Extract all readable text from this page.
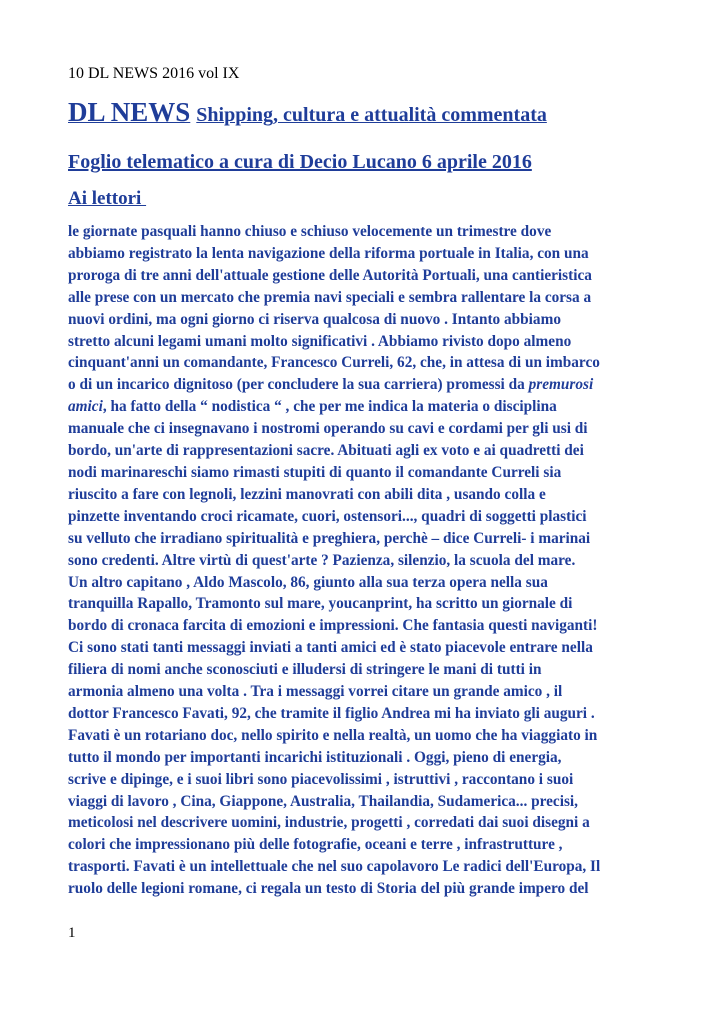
10 DL NEWS 2016 vol IX
DL NEWS Shipping, cultura e attualità commentata
Foglio telematico a cura di Decio Lucano 6 aprile 2016
Ai lettori
le giornate pasquali hanno chiuso e schiuso velocemente un trimestre dove
abbiamo registrato la lenta navigazione della riforma portuale in Italia, con una
proroga di tre anni dell'attuale gestione delle Autorità Portuali, una cantieristica
alle prese con un mercato che premia navi speciali e sembra rallentare la corsa a
nuovi ordini, ma ogni giorno ci riserva qualcosa di nuovo . Intanto abbiamo
stretto alcuni legami umani molto significativi . Abbiamo rivisto dopo almeno
cinquant'anni un comandante, Francesco Curreli, 62, che, in attesa di un imbarco
o di un incarico dignitoso (per concludere la sua carriera) promessi da premurosi
amici, ha fatto della “ nodistica “ , che per me indica la materia o disciplina
manuale che ci insegnavano i nostromi operando su cavi e cordami per gli usi di
bordo, un'arte di rappresentazioni sacre. Abituati agli ex voto e ai quadretti dei
nodi marinareschi siamo rimasti stupiti di quanto il comandante Curreli sia
riuscito a fare con legnoli, lezzini manovrati con abili dita , usando colla e
pinzette inventando croci ricamate, cuori, ostensori..., quadri di soggetti plastici
su velluto che irradiano spiritualità e preghiera, perchè – dice Curreli- i marinai
sono credenti. Altre virtù di quest'arte ? Pazienza, silenzio, la scuola del mare.
Un altro capitano , Aldo Mascolo, 86, giunto alla sua terza opera nella sua
tranquilla Rapallo, Tramonto sul mare, youcanprint, ha scritto un giornale di
bordo di cronaca farcita di emozioni e impressioni. Che fantasia questi naviganti!
Ci sono stati tanti messaggi inviati a tanti amici ed è stato piacevole entrare nella
filiera di nomi anche sconosciuti e illudersi di stringere le mani di tutti in
armonia almeno una volta . Tra i messaggi vorrei citare un grande amico , il
dottor Francesco Favati, 92, che tramite il figlio Andrea mi ha inviato gli auguri .
Favati è un rotariano doc, nello spirito e nella realtà, un uomo che ha viaggiato in
tutto il mondo per importanti incarichi istituzionali . Oggi, pieno di energia,
scrive e dipinge, e i suoi libri sono piacevolissimi , istruttivi , raccontano i suoi
viaggi di lavoro , Cina, Giappone, Australia, Thailandia, Sudamerica... precisi,
meticolosi nel descrivere uomini, industrie, progetti , corredati dai suoi disegni a
colori che impressionano più delle fotografie, oceani e terre , infrastrutture ,
trasporti. Favati è un intellettuale che nel suo capolavoro Le radici dell'Europa, Il
ruolo delle legioni romane, ci regala un testo di Storia del più grande impero del
1
